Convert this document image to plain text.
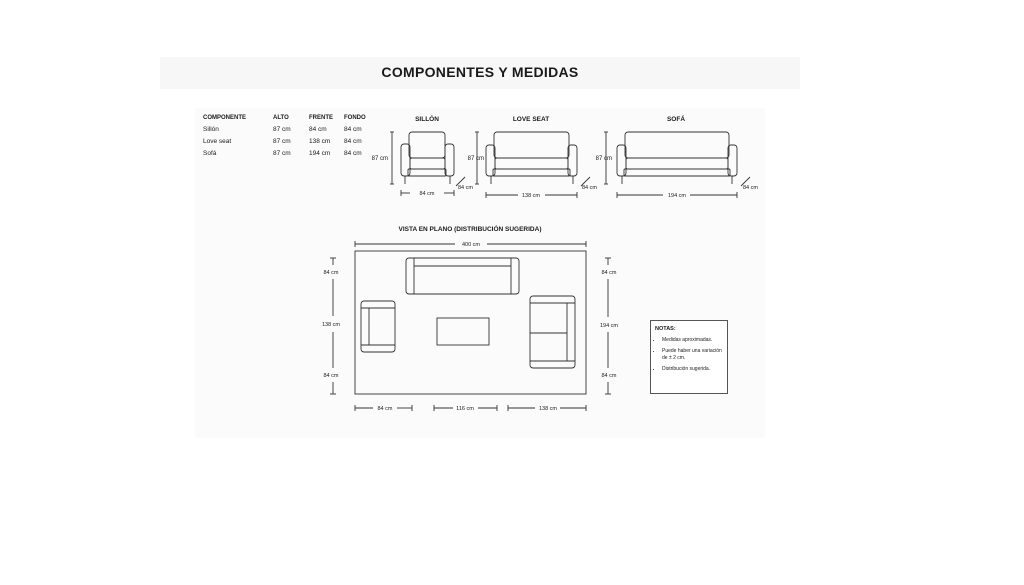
COMPONENTES Y MEDIDAS
COMPONENTE	ALTO	FRENTE	FONDO
Sillón	87 cm	84 cm	84 cm
Love seat	87 cm	138 cm	84 cm
Sofá	87 cm	194 cm	84 cm
SILLÓN
87 cm
84 cm
84 cm
LOVE SEAT
87 cm
138 cm
84 cm
SOFÁ
87 cm
194 cm
84 cm
VISTA EN PLANO (DISTRIBUCIÓN SUGERIDA)
400 cm
84 cm
138 cm
84 cm
84 cm
194 cm
84 cm
84 cm	116 cm	138 cm
NOTAS:
• Medidas aproximadas.
• Puede haber una variación de ± 2 cm.
• Distribución sugerida.
